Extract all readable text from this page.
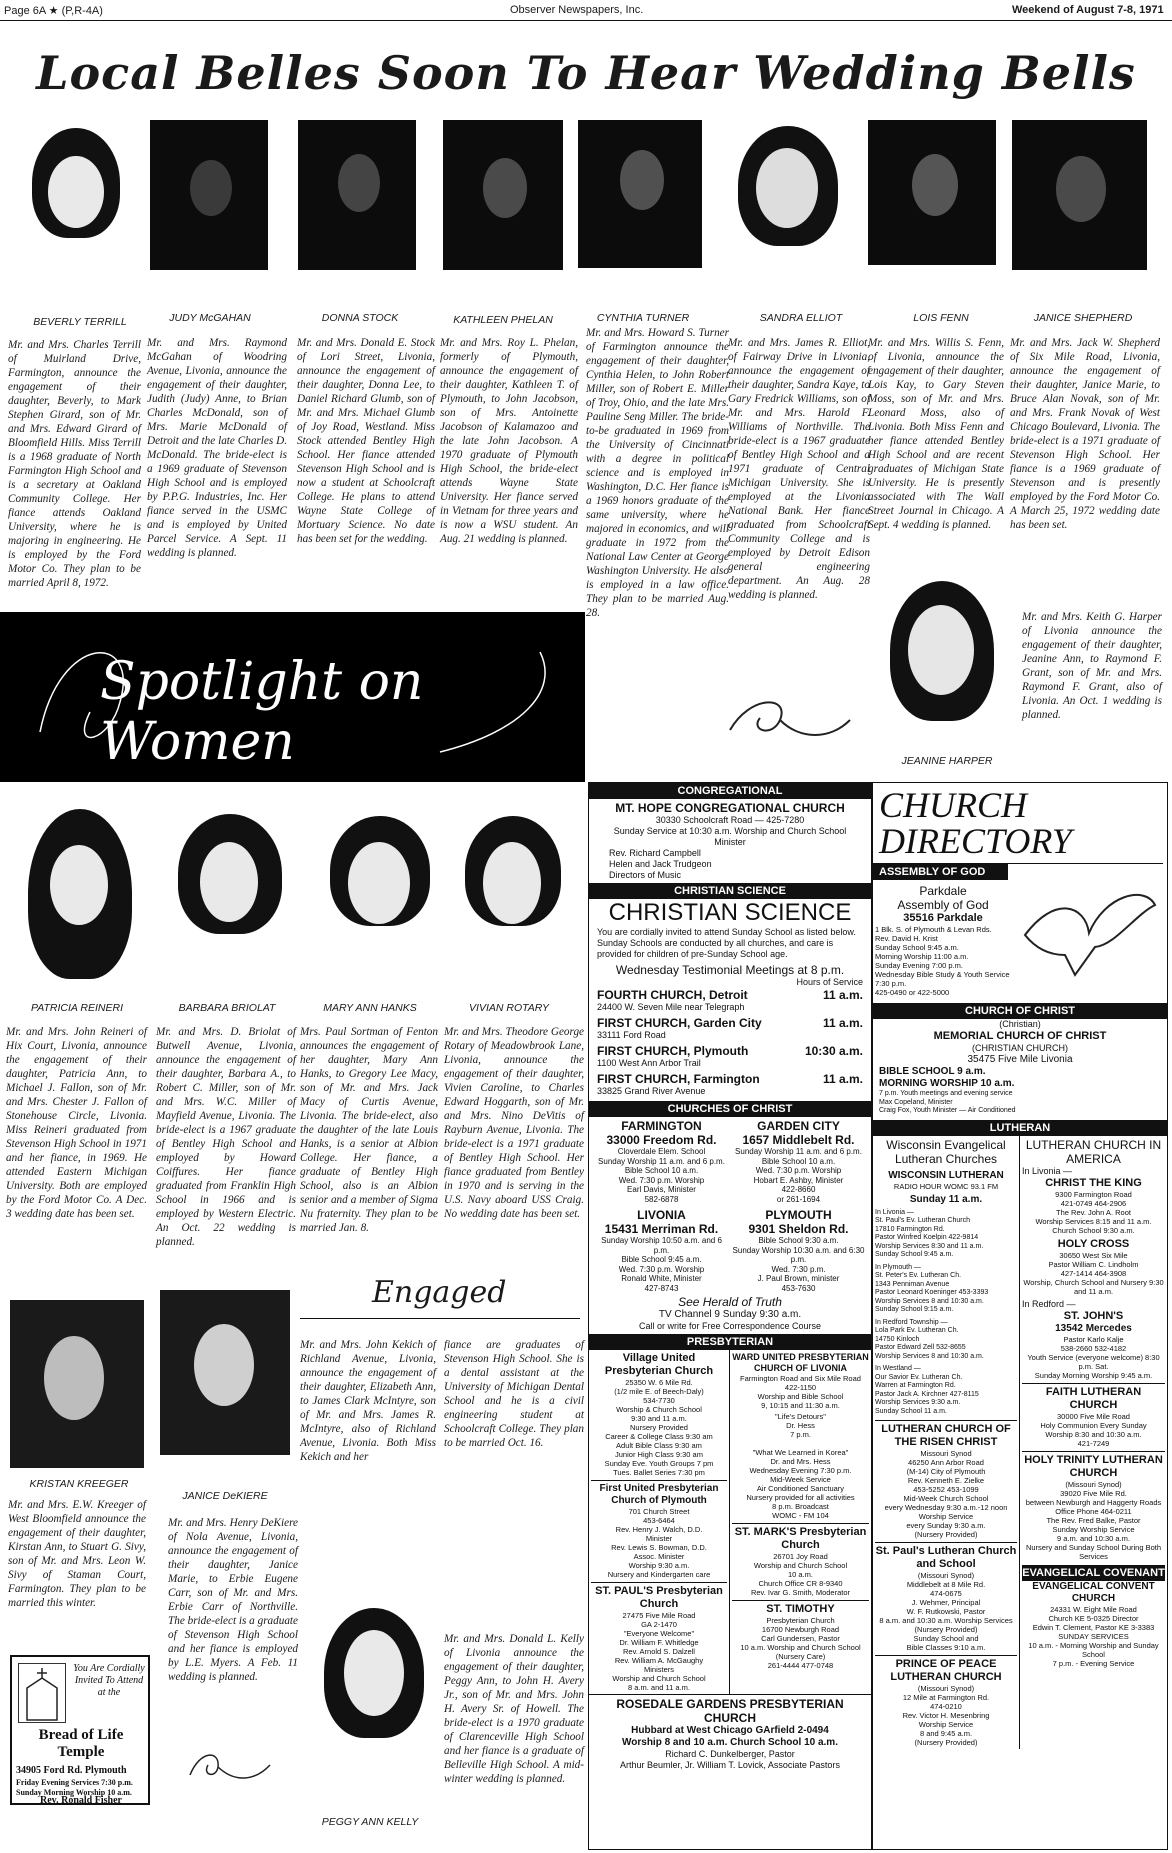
Page 6A ★ (P,R-4A)	Observer Newspapers, Inc.	Weekend of August 7-8, 1971
Local Belles Soon To Hear Wedding Bells
BEVERLY TERRILL
Mr. and Mrs. Charles Terrill of Muirland Drive, Farmington, announce the engagement of their daughter, Beverly, to Mark Stephen Girard, son of Mr. and Mrs. Edward Girard of Bloomfield Hills. Miss Terrill is a 1968 graduate of North Farmington High School and is a secretary at Oakland Community College. Her fiance attends Oakland University, where he is majoring in engineering. He is employed by the Ford Motor Co. They plan to be married April 8, 1972.
JUDY McGAHAN
Mr. and Mrs. Raymond McGahan of Woodring Avenue, Livonia, announce the engagement of their daughter, Judith (Judy) Anne, to Brian Charles McDonald, son of Mrs. Marie McDonald of Detroit and the late Charles D. McDonald. The bride-elect is a 1969 graduate of Stevenson High School and is employed by P.P.G. Industries, Inc. Her fiance served in the USMC and is employed by United Parcel Service. A Sept. 11 wedding is planned.
DONNA STOCK
Mr. and Mrs. Donald E. Stock of Lori Street, Livonia, announce the engagement of their daughter, Donna Lee, to Daniel Richard Glumb, son of Mr. and Mrs. Michael Glumb of Joy Road, Westland. Miss Stock attended Bentley High School. Her fiance attended Stevenson High School and is now a student at Schoolcraft College. He plans to attend Wayne State College of Mortuary Science. No date has been set for the wedding.
KATHLEEN PHELAN
Mr. and Mrs. Roy L. Phelan, formerly of Plymouth, announce the engagement of their daughter, Kathleen T. of Plymouth, to John Jacobson, son of Mrs. Antoinette Jacobson of Kalamazoo and the late John Jacobson. A 1970 graduate of Plymouth High School, the bride-elect attends Wayne State University. Her fiance served in Vietnam for three years and is now a WSU student. An Aug. 21 wedding is planned.
CYNTHIA TURNER
Mr. and Mrs. Howard S. Turner of Farmington announce the engagement of their daughter, Cynthia Helen, to John Robert Miller, son of Robert E. Miller of Troy, Ohio, and the late Mrs. Pauline Seng Miller. The bride-to-be graduated in 1969 from the University of Cincinnati with a degree in political science and is employed in Washington, D.C. Her fiance is a 1969 honors graduate of the same university, where he majored in economics, and will graduate in 1972 from the National Law Center at George Washington University. He also is employed in a law office. They plan to be married Aug. 28.
SANDRA ELLIOT
Mr. and Mrs. James R. Elliot, of Fairway Drive in Livonia, announce the engagement of their daughter, Sandra Kaye, to Gary Fredrick Williams, son of Mr. and Mrs. Harold F. Williams of Northville. The bride-elect is a 1967 graduate of Bentley High School and a 1971 graduate of Central Michigan University. She is employed at the Livonia National Bank. Her fiance graduated from Schoolcraft Community College and is employed by Detroit Edison general engineering department. An Aug. 28 wedding is planned.
LOIS FENN
Mr. and Mrs. Willis S. Fenn, of Livonia, announce the engagement of their daughter, Lois Kay, to Gary Steven Moss, son of Mr. and Mrs. Leonard Moss, also of Livonia. Both Miss Fenn and her fiance attended Bentley High School and are recent graduates of Michigan State University. He is presently associated with The Wall Street Journal in Chicago. A Sept. 4 wedding is planned.
JANICE SHEPHERD
Mr. and Mrs. Jack W. Shepherd of Six Mile Road, Livonia, announce the engagement of their daughter, Janice Marie, to Bruce Alan Novak, son of Mr. and Mrs. Frank Novak of West Chicago Boulevard, Livonia. The bride-elect is a 1971 graduate of Stevenson High School. Her fiance is a 1969 graduate of Stevenson and is presently employed by the Ford Motor Co. A March 25, 1972 wedding date has been set.
Mr. and Mrs. Keith G. Harper of Livonia announce the engagement of their daughter, Jeanine Ann, to Raymond F. Grant, son of Mr. and Mrs. Raymond F. Grant, also of Livonia. An Oct. 1 wedding is planned.
JEANINE HARPER
Spotlight on Women
PATRICIA REINERI
Mr. and Mrs. John Reineri of Hix Court, Livonia, announce the engagement of their daughter, Patricia Ann, to Michael J. Fallon, son of Mr. and Mrs. Chester J. Fallon of Stonehouse Circle, Livonia. Miss Reineri graduated from Stevenson High School in 1971 and her fiance, in 1969. He attended Eastern Michigan University. Both are employed by the Ford Motor Co. A Dec. 3 wedding date has been set.
BARBARA BRIOLAT
Mr. and Mrs. D. Briolat of Butwell Avenue, Livonia, announce the engagement of their daughter, Barbara A., to Robert C. Miller, son of Mr. and Mrs. W.C. Miller of Mayfield Avenue, Livonia. The bride-elect is a 1967 graduate of Bentley High School and employed by Howard Coiffures. Her fiance graduated from Franklin High School in 1966 and is employed by Western Electric. An Oct. 22 wedding is planned.
MARY ANN HANKS
Mrs. Paul Sortman of Fenton announces the engagement of her daughter, Mary Ann Hanks, to Gregory Lee Macy, son of Mr. and Mrs. Jack Macy of Curtis Avenue, Livonia. The bride-elect, also the daughter of the late Louis Hanks, is a senior at Albion College. Her fiance, a graduate of Bentley High School, also is an Albion senior and a member of Sigma Nu fraternity. They plan to be married Jan. 8.
VIVIAN ROTARY
Mr. and Mrs. Theodore George Rotary of Meadowbrook Lane, Livonia, announce the engagement of their daughter, Vivien Caroline, to Charles Edward Hoggarth, son of Mr. and Mrs. Nino DeVitis of Rayburn Avenue, Livonia. The bride-elect is a 1971 graduate of Bentley High School. Her fiance graduated from Bentley in 1970 and is serving in the U.S. Navy aboard USS Craig. No wedding date has been set.
Engaged
Mr. and Mrs. John Kekich of Richland Avenue, Livonia, announce the engagement of their daughter, Elizabeth Ann, to James Clark McIntyre, son of Mr. and Mrs. James R. McIntyre, also of Richland Avenue, Livonia. Both Miss Kekich and her
fiance are graduates of Stevenson High School. She is a dental assistant at the University of Michigan Dental School and he is a civil engineering student at Schoolcraft College. They plan to be married Oct. 16.
KRISTAN KREEGER
Mr. and Mrs. E.W. Kreeger of West Bloomfield announce the engagement of their daughter, Kirstan Ann, to Stuart G. Sivy, son of Mr. and Mrs. Leon W. Sivy of Staman Court, Farmington. They plan to be married this winter.
JANICE DeKIERE
Mr. and Mrs. Henry DeKiere of Nola Avenue, Livonia, announce the engagement of their daughter, Janice Marie, to Erbie Eugene Carr, son of Mr. and Mrs. Erbie Carr of Northville. The bride-elect is a graduate of Stevenson High School and her fiance is employed by L.E. Myers. A Feb. 11 wedding is planned.
Mr. and Mrs. Donald L. Kelly of Livonia announce the engagement of their daughter, Peggy Ann, to John H. Avery Jr., son of Mr. and Mrs. John H. Avery Sr. of Howell. The bride-elect is a 1970 graduate of Clarenceville High School and her fiance is a graduate of Belleville High School. A mid-winter wedding is planned.
PEGGY ANN KELLY
You Are Cordially Invited To Attend at the
Bread of Life Temple
34905 Ford Rd. Plymouth
Friday Evening Services 7:30 p.m.
Sunday Morning Worship 10 a.m.
Rev. Ronald Fisher
CONGREGATIONAL
MT. HOPE CONGREGATIONAL CHURCH
30330 Schoolcraft Road — 425-7280
Sunday Service at 10:30 a.m. Worship and Church School
Minister
Rev. Richard Campbell
Helen and Jack Trudgeon
Directors of Music
CHRISTIAN SCIENCE
CHRISTIAN SCIENCE
You are cordially invited to attend Sunday School as listed below. Sunday Schools are conducted by all churches, and care is provided for children of pre-Sunday School age.
Wednesday Testimonial Meetings at 8 p.m.
Hours of Service
FOURTH CHURCH, Detroit	11 a.m.
24400 W. Seven Mile near Telegraph
FIRST CHURCH, Garden City	11 a.m.
33111 Ford Road
FIRST CHURCH, Plymouth	10:30 a.m.
1100 West Ann Arbor Trail
FIRST CHURCH, Farmington	11 a.m.
33825 Grand River Avenue
CHURCHES OF CHRIST
FARMINGTON
33000 Freedom Rd.
Cloverdale Elem. School
Sunday Worship 11 a.m. and 6 p.m.
Bible School 10 a.m.
Wed. 7:30 p.m. Worship
Earl Davis, Minister
582-6878
LIVONIA
15431 Merriman Rd.
Sunday Worship 10:50 a.m. and 6 p.m.
Bible School 9:45 a.m.
Wed. 7:30 p.m. Worship
Ronald White, Minister
427-8743
GARDEN CITY
1657 Middlebelt Rd.
Sunday Worship 11 a.m. and 6 p.m.
Bible School 10 a.m.
Wed. 7:30 p.m. Worship
Hobart E. Ashby, Minister
422-8660
or 261-1694
PLYMOUTH
9301 Sheldon Rd.
Bible School 9:30 a.m.
Sunday Worship 10:30 a.m. and 6:30 p.m.
Wed. 7:30 p.m.
J. Paul Brown, minister
453-7630
See Herald of Truth
TV Channel 9 Sunday 9:30 a.m.
Call or write for Free Correspondence Course
PRESBYTERIAN
Village United Presbyterian Church
25350 W. 6 Mile Rd.
(1/2 mile E. of Beech-Daly)
534-7730
Worship & Church School
9:30 and 11 a.m.
Nursery Provided
Career & College Class 9:30 am
Adult Bible Class 9:30 am
Junior High Class 9:30 am
Sunday Eve. Youth Groups 7 pm
Tues. Ballet Series 7:30 pm
First United Presbyterian Church of Plymouth
701 Church Street
453-6464
Rev. Henry J. Walch, D.D.
Minister
Rev. Lewis S. Bowman, D.D.
Assoc. Minister
Worship 9:30 a.m.
Nursery and Kindergarten care
ST. PAUL'S Presbyterian Church
27475 Five Mile Road
GA 2-1470
"Everyone Welcome"
Dr. William F. Whitledge
Rev. Arnold S. Dalzell
Rev. William A. McGaughy
Ministers
Worship and Church School
8 a.m. and 11 a.m.
WARD UNITED PRESBYTERIAN CHURCH OF LIVONIA
Farmington Road and Six Mile Road
422-1150
Worship and Bible School
9, 10:15 and 11:30 a.m.
"Life's Detours"
Dr. Hess
7 p.m.

"What We Learned in Korea"
Dr. and Mrs. Hess
Wednesday Evening 7:30 p.m.
Mid-Week Service
Air Conditioned Sanctuary
Nursery provided for all activities
8 p.m. Broadcast
WOMC - FM 104
ST. MARK'S Presbyterian Church
26701 Joy Road
Worship and Church School
10 a.m.
Church Office CR 8-9340
Rev. Ivar G. Smith, Moderator
ST. TIMOTHY
Presbyterian Church
16700 Newburgh Road
Carl Gundersen, Pastor
10 a.m. Worship and Church School
(Nursery Care)
261-4444 477-0748
ROSEDALE GARDENS PRESBYTERIAN CHURCH
Hubbard at West Chicago GArfield 2-0494
Worship 8 and 10 a.m. Church School 10 a.m.
Richard C. Dunkelberger, Pastor
Arthur Beumler, Jr. William T. Lovick, Associate Pastors
CHURCH DIRECTORY
ASSEMBLY OF GOD
Parkdale
Assembly of God
35516 Parkdale
1 Blk. S. of Plymouth & Levan Rds.
Rev. David H. Krist
Sunday School 9:45 a.m.
Morning Worship 11:00 a.m.
Sunday Evening 7:00 p.m.
Wednesday Bible Study & Youth Service 7:30 p.m.
425-0490 or 422-5000
CHURCH OF CHRIST
(Christian)
MEMORIAL CHURCH OF CHRIST
(CHRISTIAN CHURCH)
35475 Five Mile Livonia
BIBLE SCHOOL 9 a.m.
MORNING WORSHIP 10 a.m.
7 p.m. Youth meetings and evening service
Max Copeland, Minister
Craig Fox, Youth Minister — Air Conditioned
LUTHERAN
Wisconsin Evangelical Lutheran Churches
WISCONSIN LUTHERAN
RADIO HOUR WOMC 93.1 FM
Sunday 11 a.m.
In Livonia —
St. Paul's Ev. Lutheran Church
17810 Farmington Rd.
Pastor Winfred Koelpin 422-9814
Worship Services 8:30 and 11 a.m.
Sunday School 9:45 a.m.
In Plymouth —
St. Peter's Ev. Lutheran Ch.
1343 Penniman Avenue
Pastor Leonard Koeninger 453-3393
Worship Services 8 and 10:30 a.m.
Sunday School 9:15 a.m.
In Redford Township —
Lola Park Ev. Lutheran Ch.
14750 Kinloch
Pastor Edward Zell 532-8655
Worship Services 8 and 10:30 a.m.
In Westland —
Our Savior Ev. Lutheran Ch.
Warren at Farmington Rd.
Pastor Jack A. Kirchner 427-8115
Worship Services 9:30 a.m.
Sunday School 11 a.m.
LUTHERAN CHURCH OF THE RISEN CHRIST
Missouri Synod
46250 Ann Arbor Road
(M-14) City of Plymouth
Rev. Kenneth E. Zielke
453-5252 453-1099
Mid-Week Church School
every Wednesday 9:30 a.m.-12 noon
Worship Service
every Sunday 9:30 a.m.
(Nursery Provided)
St. Paul's Lutheran Church and School
(Missouri Synod)
Middlebelt at 8 Mile Rd.
474-0675
J. Wehmer, Principal
W. F. Rutkowski, Pastor
8 a.m. and 10:30 a.m. Worship Services
(Nursery Provided)
Sunday School and
Bible Classes 9:10 a.m.
PRINCE OF PEACE LUTHERAN CHURCH
(Missouri Synod)
12 Mile at Farmington Rd.
474-0210
Rev. Victor H. Mesenbring
Worship Service
8 and 9:45 a.m.
(Nursery Provided)
LUTHERAN CHURCH IN AMERICA
In Livonia —
CHRIST THE KING
9300 Farmington Road
421-0749 464-2906
The Rev. John A. Root
Worship Services 8:15 and 11 a.m.
Church School 9:30 a.m.
HOLY CROSS
30650 West Six Mile
Pastor William C. Lindholm
427-1414 464-3908
Worship, Church School and Nursery 9:30 and 11 a.m.
In Redford —
ST. JOHN'S
13542 Mercedes
Pastor Karlo Kalje
538-2660 532-4182
Youth Service (everyone welcome) 8:30 p.m. Sat.
Sunday Morning Worship 9:45 a.m.
FAITH LUTHERAN CHURCH
30000 Five Mile Road
Holy Communion Every Sunday
Worship 8:30 and 10:30 a.m.
421-7249
HOLY TRINITY LUTHERAN CHURCH
(Missouri Synod)
39020 Five Mile Rd.
between Newburgh and Haggerty Roads
Office Phone 464-0211
The Rev. Fred Balke, Pastor
Sunday Worship Service
9 a.m. and 10:30 a.m.
Nursery and Sunday School During Both Services
EVANGELICAL COVENANT
EVANGELICAL CONVENT CHURCH
24331 W. Eight Mile Road
Church KE 5-0325 Director
Edwin T. Clement, Pastor KE 3-3383
SUNDAY SERVICES
10 a.m. - Morning Worship and Sunday School
7 p.m. - Evening Service
